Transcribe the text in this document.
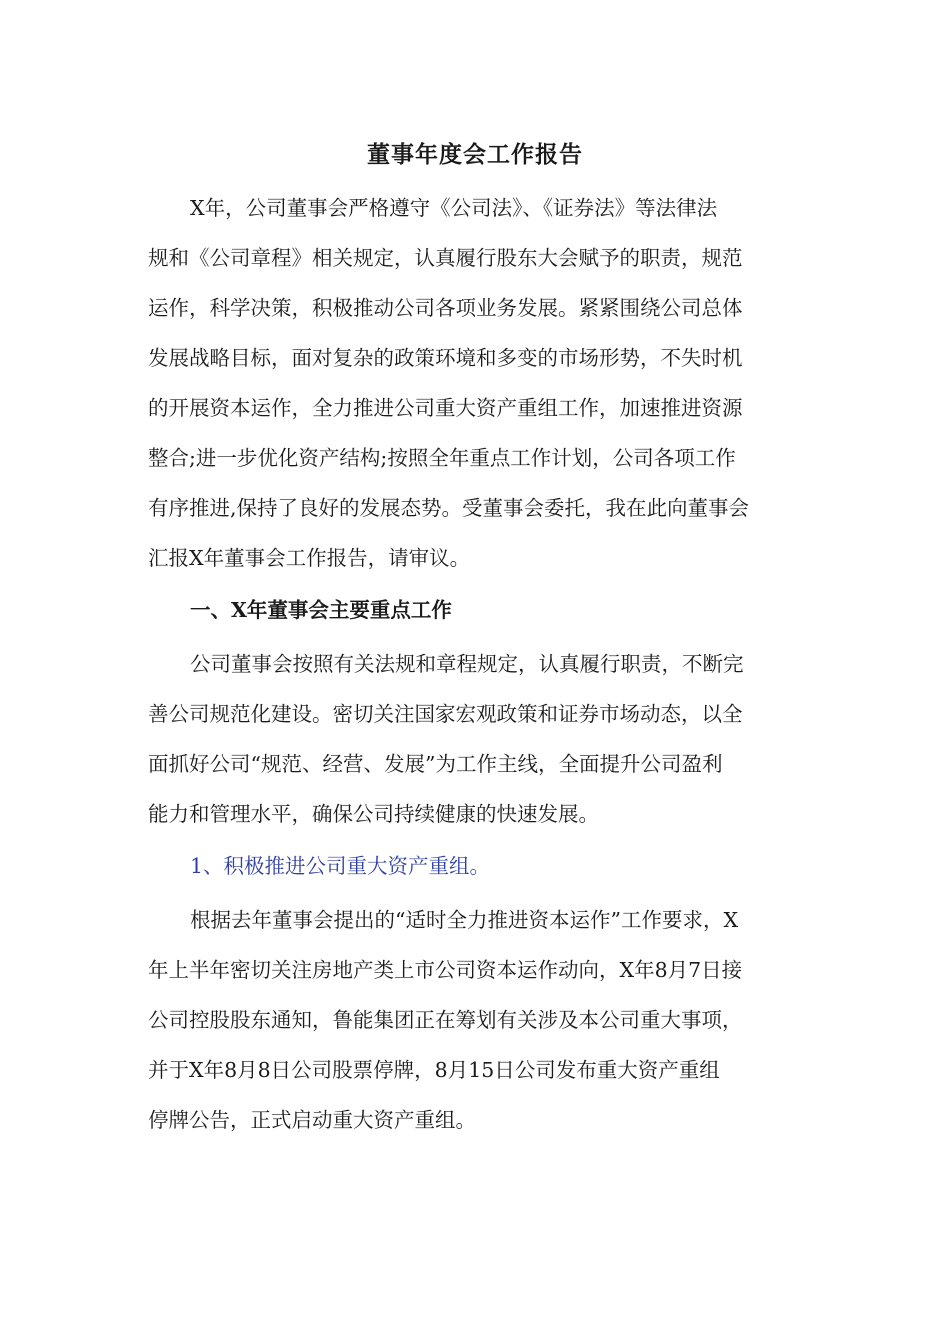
董事年度会工作报告

X年，公司董事会严格遵守《公司法》、《证券法》等法律法

规和《公司章程》相关规定，认真履行股东大会赋予的职责，规范

运作，科学决策，积极推动公司各项业务发展。紧紧围绕公司总体

发展战略目标，面对复杂的政策环境和多变的市场形势，不失时机

的开展资本运作，全力推进公司重大资产重组工作，加速推进资源

整合;进一步优化资产结构;按照全年重点工作计划，公司各项工作

有序推进,保持了良好的发展态势。受董事会委托，我在此向董事会

汇报X年董事会工作报告，请审议。

一、X年董事会主要重点工作

公司董事会按照有关法规和章程规定，认真履行职责，不断完

善公司规范化建设。密切关注国家宏观政策和证券市场动态，以全

面抓好公司“规范、经营、发展”为工作主线，全面提升公司盈利

能力和管理水平，确保公司持续健康的快速发展。

1、积极推进公司重大资产重组。

根据去年董事会提出的“适时全力推进资本运作”工作要求，X

年上半年密切关注房地产类上市公司资本运作动向，X年8月7日接

公司控股股东通知，鲁能集团正在筹划有关涉及本公司重大事项，

并于X年8月8日公司股票停牌，8月15日公司发布重大资产重组

停牌公告，正式启动重大资产重组。
